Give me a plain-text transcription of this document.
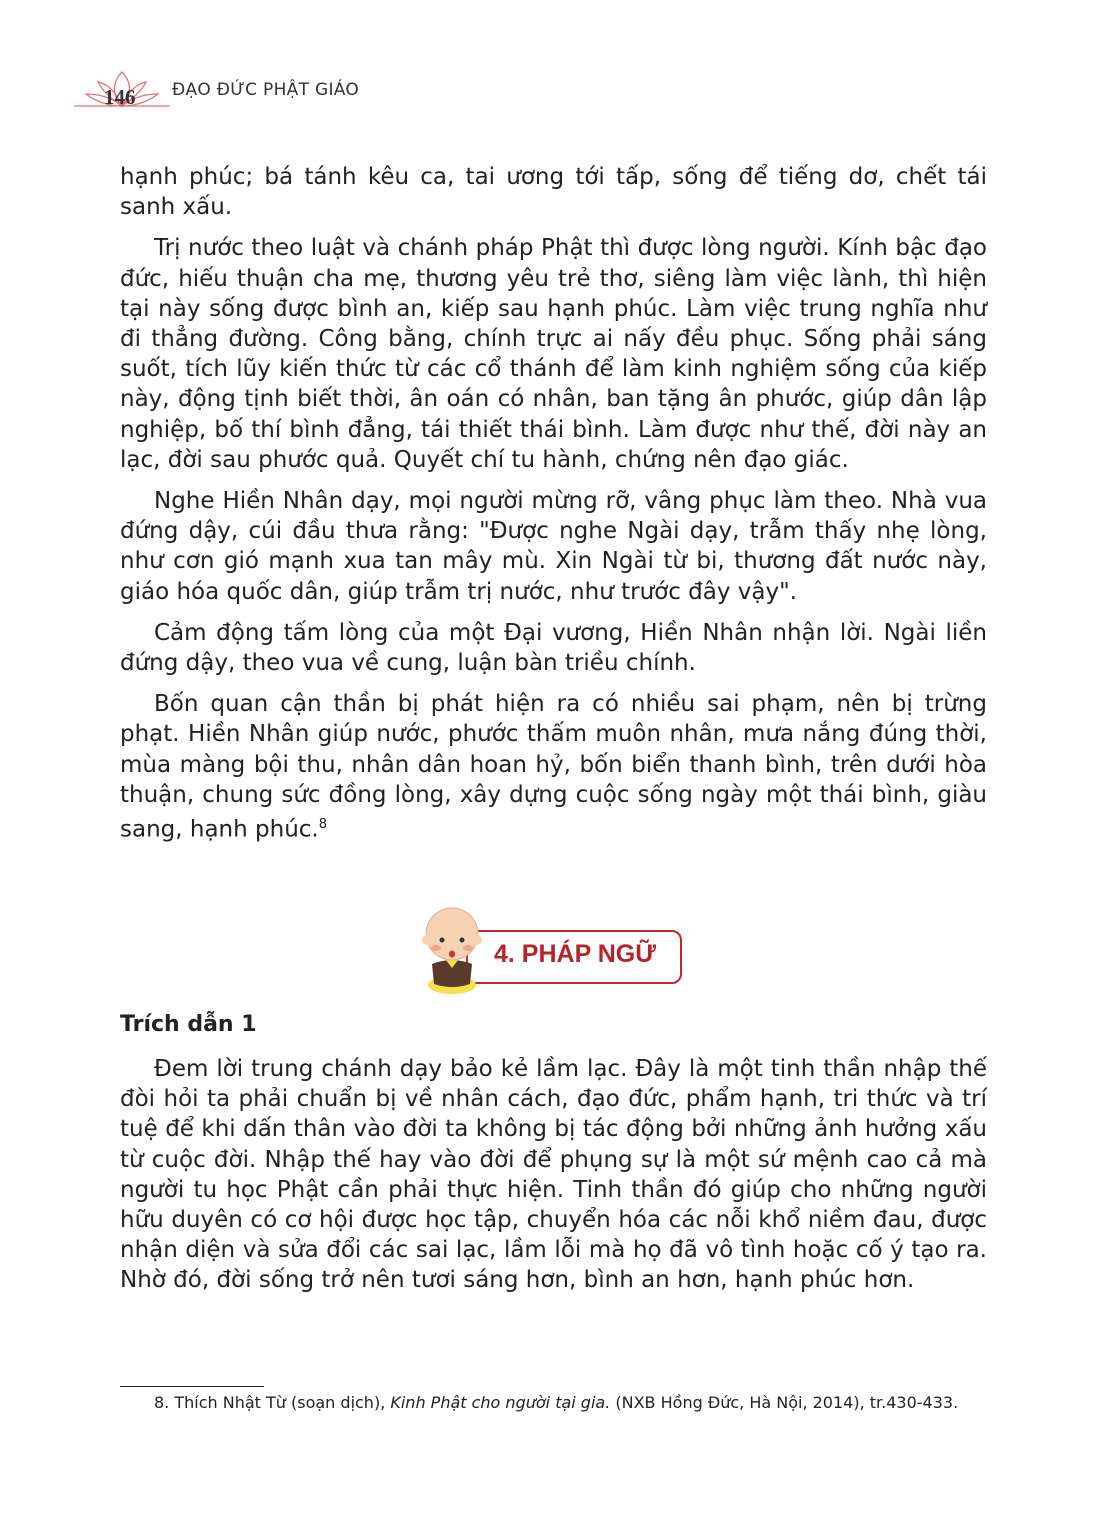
146 ĐẠO ĐỨC PHẬT GIÁO

hạnh phúc; bá tánh kêu ca, tai ương tới tấp, sống để tiếng dơ, chết tái sanh xấu.

Trị nước theo luật và chánh pháp Phật thì được lòng người. Kính bậc đạo đức, hiếu thuận cha mẹ, thương yêu trẻ thơ, siêng làm việc lành, thì hiện tại này sống được bình an, kiếp sau hạnh phúc. Làm việc trung nghĩa như đi thẳng đường. Công bằng, chính trực ai nấy đều phục. Sống phải sáng suốt, tích lũy kiến thức từ các cổ thánh để làm kinh nghiệm sống của kiếp này, động tịnh biết thời, ân oán có nhân, ban tặng ân phước, giúp dân lập nghiệp, bố thí bình đẳng, tái thiết thái bình. Làm được như thế, đời này an lạc, đời sau phước quả. Quyết chí tu hành, chứng nên đạo giác.

Nghe Hiền Nhân dạy, mọi người mừng rỡ, vâng phục làm theo. Nhà vua đứng dậy, cúi đầu thưa rằng: "Được nghe Ngài dạy, trẫm thấy nhẹ lòng, như cơn gió mạnh xua tan mây mù. Xin Ngài từ bi, thương đất nước này, giáo hóa quốc dân, giúp trẫm trị nước, như trước đây vậy".

Cảm động tấm lòng của một Đại vương, Hiền Nhân nhận lời. Ngài liền đứng dậy, theo vua về cung, luận bàn triều chính.

Bốn quan cận thần bị phát hiện ra có nhiều sai phạm, nên bị trừng phạt. Hiền Nhân giúp nước, phước thấm muôn nhân, mưa nắng đúng thời, mùa màng bội thu, nhân dân hoan hỷ, bốn biển thanh bình, trên dưới hòa thuận, chung sức đồng lòng, xây dựng cuộc sống ngày một thái bình, giàu sang, hạnh phúc.$^8$

4. PHÁP NGỮ
Trích dẫn 1

Đem lời trung chánh dạy bảo kẻ lầm lạc. Đây là một tinh thần nhập thế đòi hỏi ta phải chuẩn bị về nhân cách, đạo đức, phẩm hạnh, tri thức và trí tuệ để khi dấn thân vào đời ta không bị tác động bởi những ảnh hưởng xấu từ cuộc đời. Nhập thế hay vào đời để phụng sự là một sứ mệnh cao cả mà người tu học Phật cần phải thực hiện. Tinh thần đó giúp cho những người hữu duyên có cơ hội được học tập, chuyển hóa các nỗi khổ niềm đau, được nhận diện và sửa đổi các sai lạc, lầm lỗi mà họ đã vô tình hoặc cố ý tạo ra. Nhờ đó, đời sống trở nên tươi sáng hơn, bình an hơn, hạnh phúc hơn.

8. Thích Nhật Từ (soạn dịch), Kinh Phật cho người tại gia. (NXB Hồng Đức, Hà Nội, 2014), tr.430-433.
